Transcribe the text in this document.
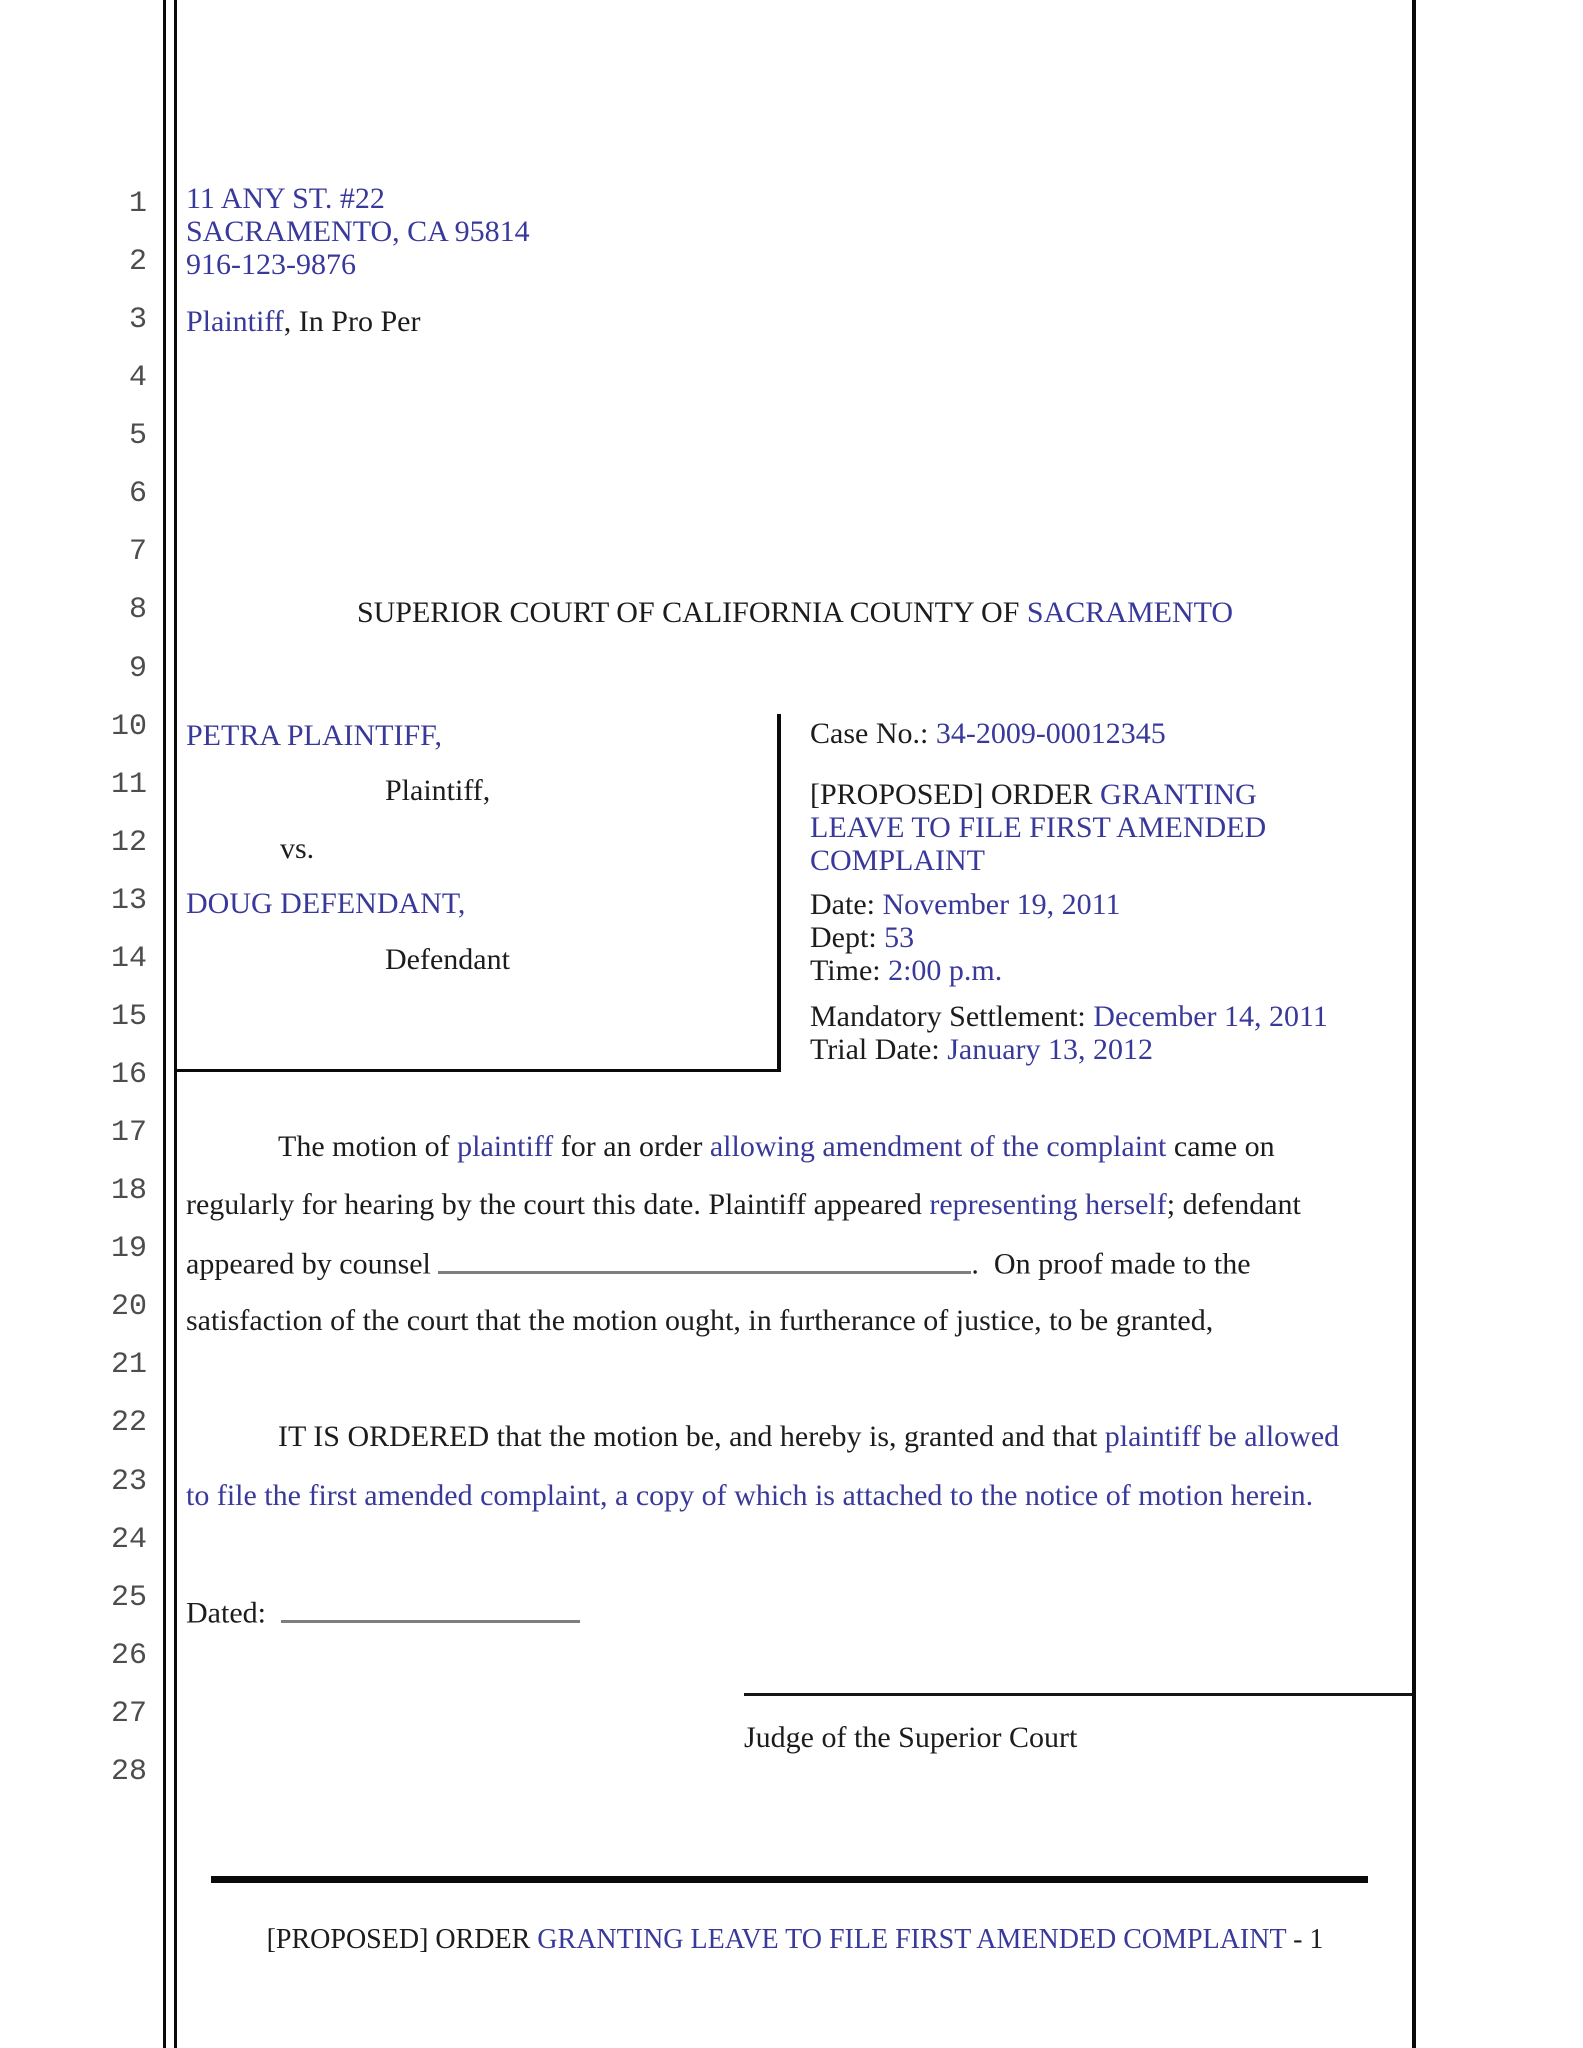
1
2
3
4
5
6
7
8
9
10
11
12
13
14
15
16
17
18
19
20
21
22
23
24
25
26
27
28
11 ANY ST. #22
SACRAMENTO, CA 95814
916-123-9876
Plaintiff, In Pro Per
SUPERIOR COURT OF CALIFORNIA COUNTY OF SACRAMENTO
PETRA PLAINTIFF,
Plaintiff,
vs.
DOUG DEFENDANT,
Defendant
Case No.: 34-2009-00012345
[PROPOSED] ORDER GRANTING
LEAVE TO FILE FIRST AMENDED
COMPLAINT
Date: November 19, 2011
Dept: 53
Time: 2:00 p.m.
Mandatory Settlement: December 14, 2011
Trial Date: January 13, 2012
The motion of plaintiff for an order allowing amendment of the complaint came on
regularly for hearing by the court this date. Plaintiff appeared representing herself; defendant
appeared by counsel	.  On proof made to the
satisfaction of the court that the motion ought, in furtherance of justice, to be granted,
IT IS ORDERED that the motion be, and hereby is, granted and that plaintiff be allowed
to file the first amended complaint, a copy of which is attached to the notice of motion herein.
Dated:
Judge of the Superior Court
[PROPOSED] ORDER GRANTING LEAVE TO FILE FIRST AMENDED COMPLAINT - 1
